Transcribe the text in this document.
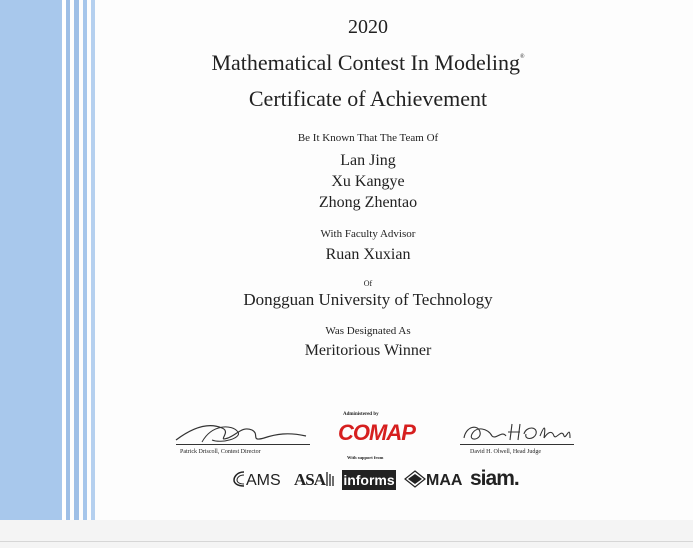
2020
Mathematical Contest In Modeling®
Certificate of Achievement
Be It Known That The Team Of
Lan Jing
Xu Kangye
Zhong Zhentao
With Faculty Advisor
Ruan Xuxian
Of
Dongguan University of Technology
Was Designated As
Meritorious Winner
Patrick Driscoll, Contest Director
Administered by
COMAP
With support from
David H. Olwell, Head Judge
AMS ASA	informs	MAA siam.
